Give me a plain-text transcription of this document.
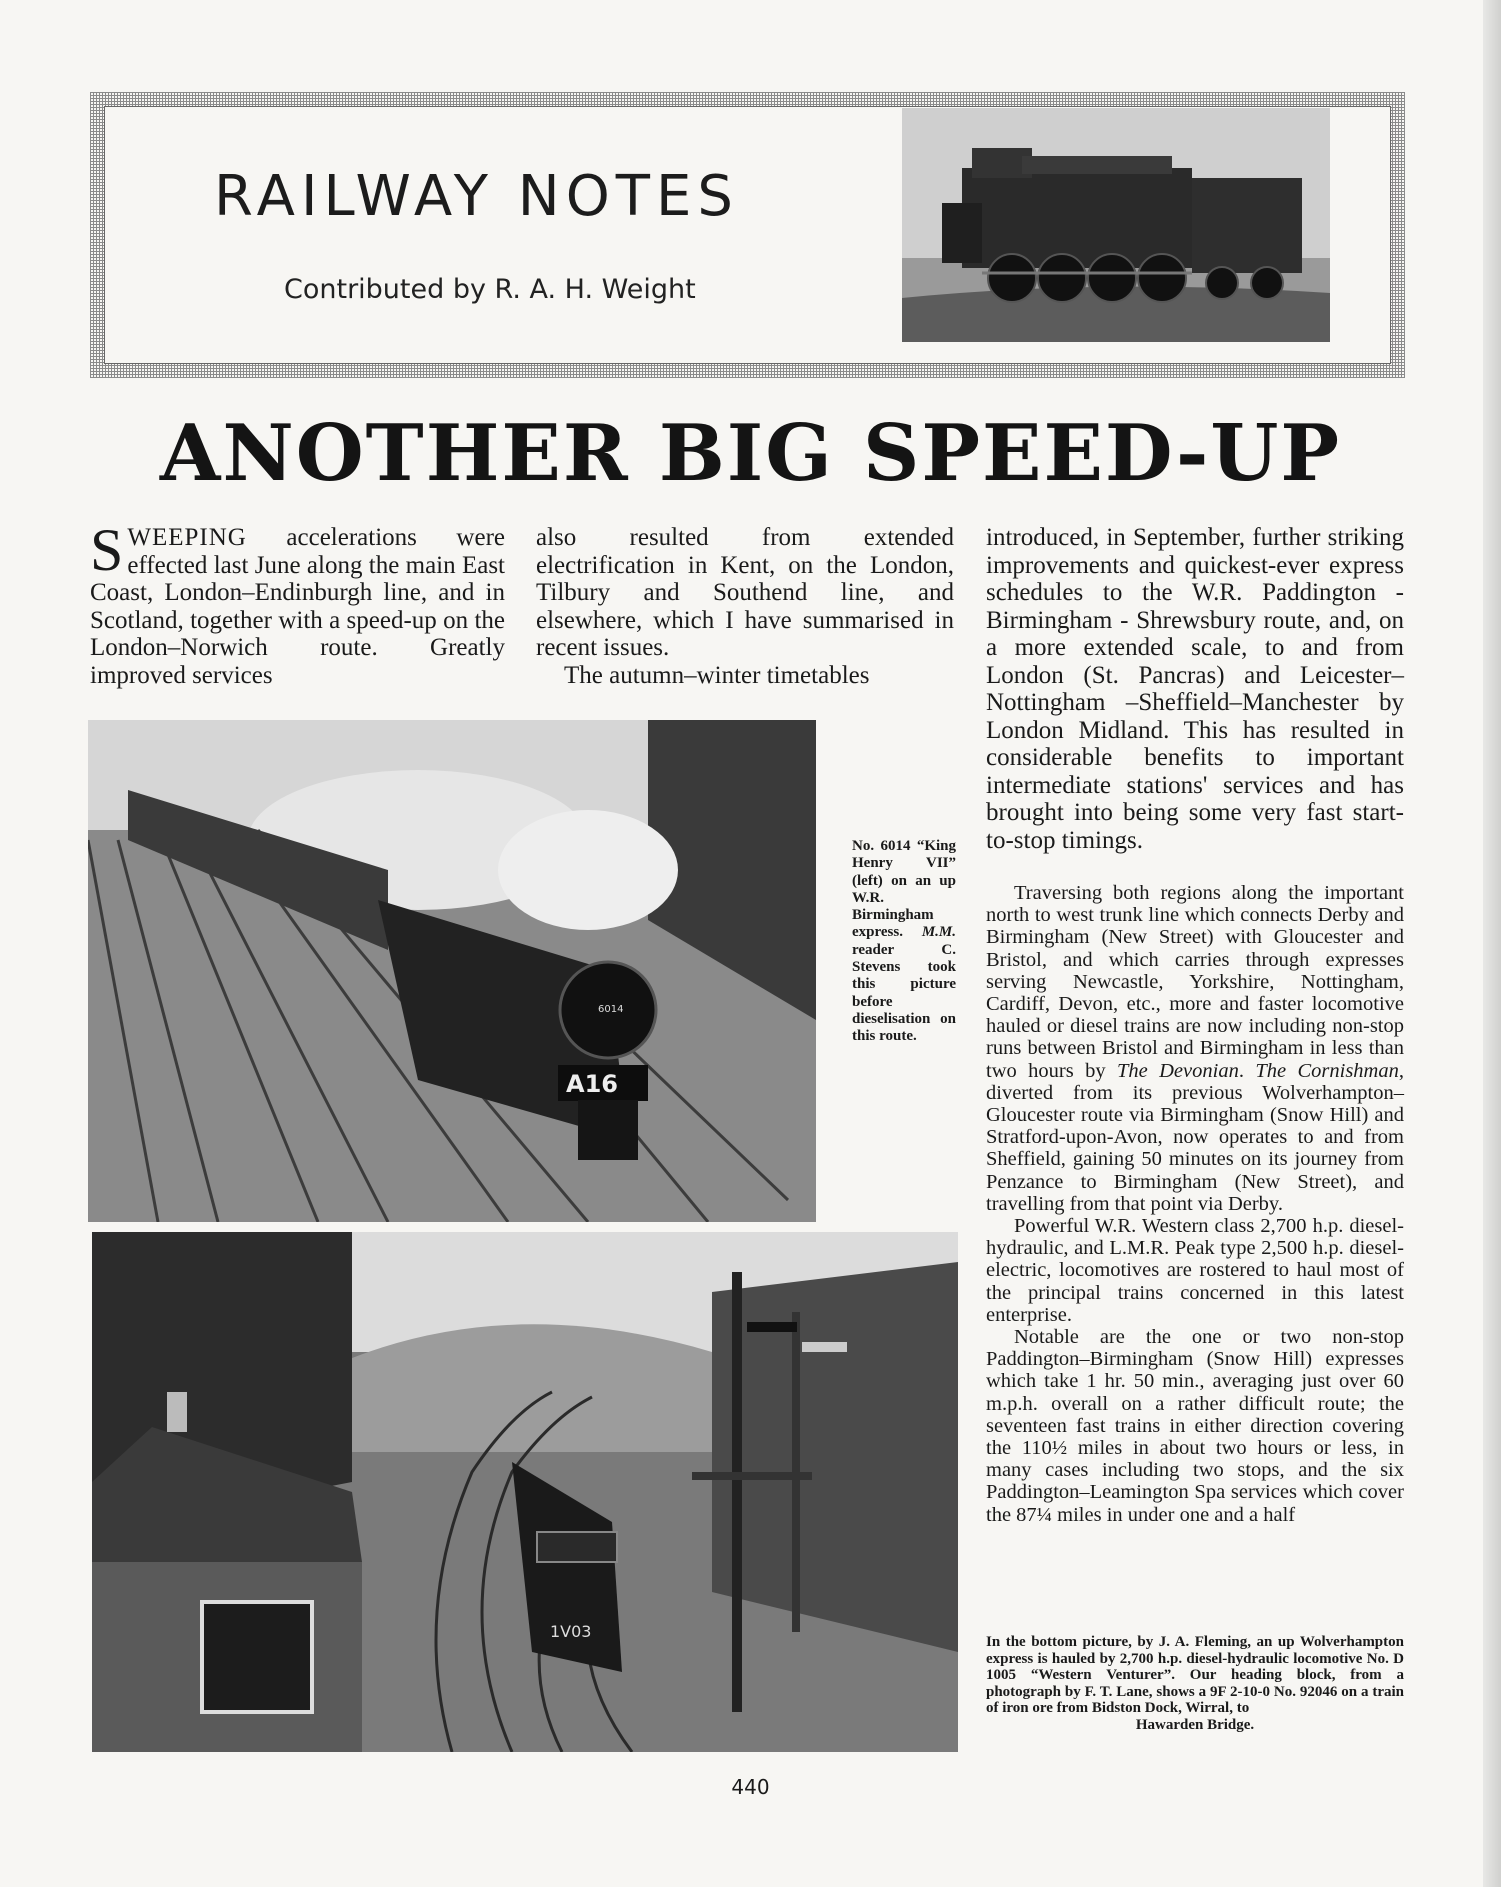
RAILWAY NOTES
Contributed by R. A. H. Weight
ANOTHER BIG SPEED-UP

SWEEPING accelerations were effected last June along the main East Coast, London–Endinburgh line, and in Scotland, together with a speed-up on the London–Norwich route. Greatly improved services

also resulted from extended electrification in Kent, on the London, Tilbury and Southend line, and elsewhere, which I have summarised in recent issues.

The autumn–winter timetables

introduced, in September, further striking improvements and quickest-ever express schedules to the W.R. Paddington - Birmingham - Shrewsbury route, and, on a more extended scale, to and from London (St. Pancras) and Leicester–Nottingham –Sheffield–Manchester by London Midland. This has resulted in considerable benefits to important intermediate stations' services and has brought into being some very fast start-to-stop timings.

Traversing both regions along the important north to west trunk line which connects Derby and Birmingham (New Street) with Gloucester and Bristol, and which carries through expresses serving Newcastle, Yorkshire, Nottingham, Cardiff, Devon, etc., more and faster locomotive hauled or diesel trains are now including non-stop runs between Bristol and Birmingham in less than two hours by The Devonian. The Cornishman, diverted from its previous Wolverhampton–Gloucester route via Birmingham (Snow Hill) and Stratford-upon-Avon, now operates to and from Sheffield, gaining 50 minutes on its journey from Penzance to Birmingham (New Street), and travelling from that point via Derby.

Powerful W.R. Western class 2,700 h.p. diesel-hydraulic, and L.M.R. Peak type 2,500 h.p. diesel-electric, locomotives are rostered to haul most of the principal trains concerned in this latest enterprise.

Notable are the one or two non-stop Paddington–Birmingham (Snow Hill) expresses which take 1 hr. 50 min., averaging just over 60 m.p.h. overall on a rather difficult route; the seventeen fast trains in either direction covering the 110½ miles in about two hours or less, in many cases including two stops, and the six Paddington–Leamington Spa services which cover the 87¼ miles in under one and a half

6014
A16
No. 6014 “King Henry VII” (left) on an up W.R. Birmingham express. M.M. reader C. Stevens took this picture before dieselisation on this route.
1V03
In the bottom picture, by J. A. Fleming, an up Wolverhampton express is hauled by 2,700 h.p. diesel-hydraulic locomotive No. D 1005 “Western Venturer”. Our heading block, from a photograph by F. T. Lane, shows a 9F 2-10-0 No. 92046 on a train of iron ore from Bidston Dock, Wirral, to
Hawarden Bridge.
440
